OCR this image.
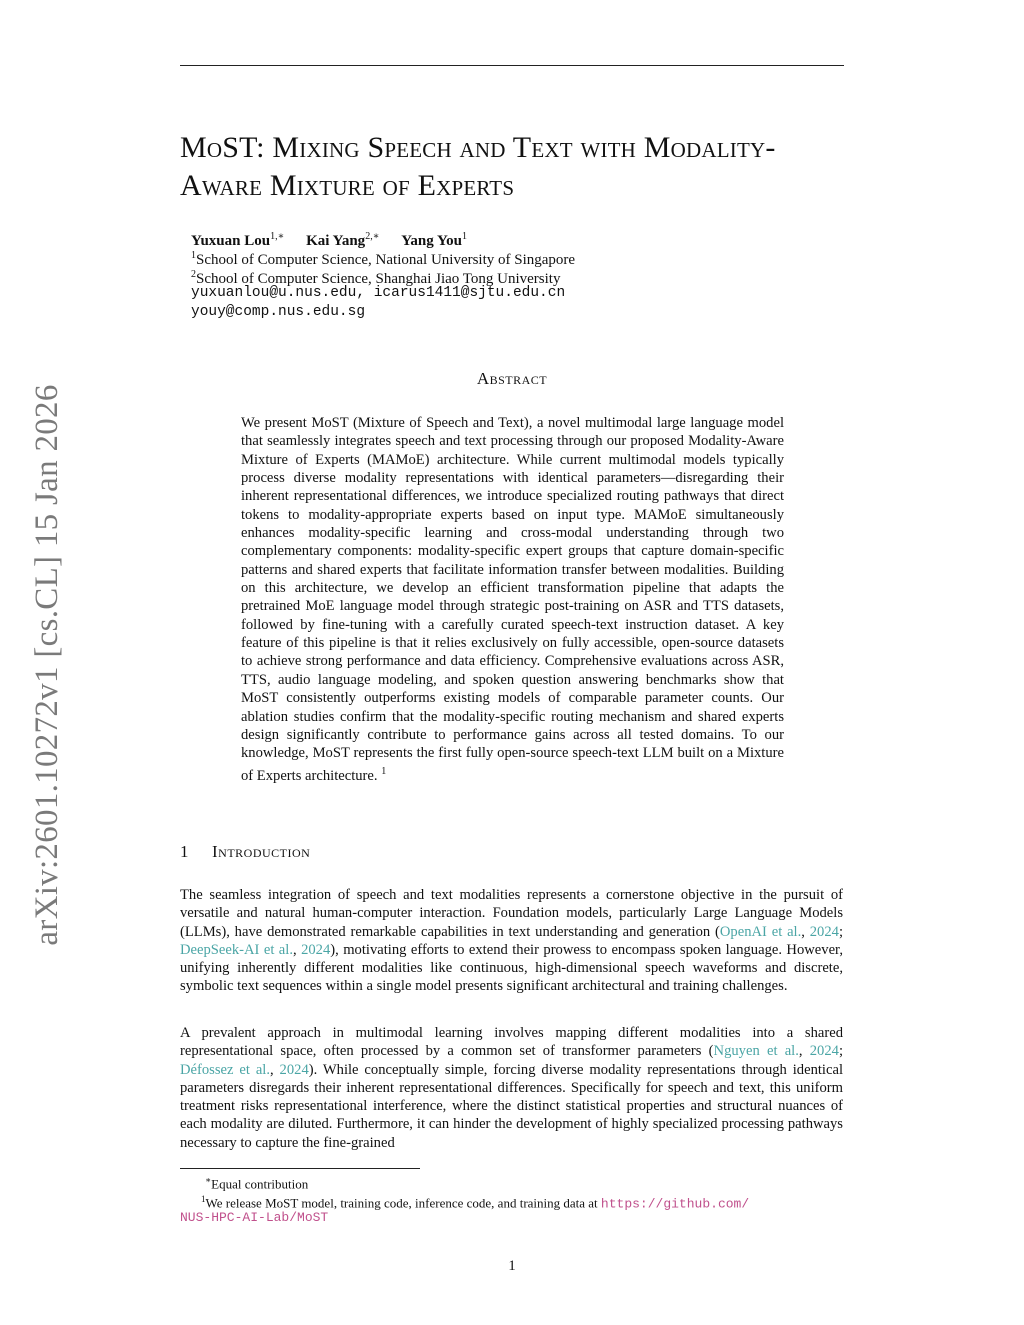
arXiv:2601.10272v1 [cs.CL] 15 Jan 2026
MoST: Mixing Speech and Text with Modality-
Aware Mixture of Experts
Yuxuan Lou$^{1,∗}$ Kai Yang$^{2,∗}$ Yang You$^1$
$^1$School of Computer Science, National University of Singapore
$^2$School of Computer Science, Shanghai Jiao Tong University
yuxuanlou@u.nus.edu, icarus1411@sjtu.edu.cn
youy@comp.nus.edu.sg
Abstract
We present MoST (Mixture of Speech and Text), a novel multimodal large language model that seamlessly integrates speech and text processing through our proposed Modality-Aware Mixture of Experts (MAMoE) architecture. While current multimodal models typically process diverse modality representations with identical parameters—disregarding their inherent representational differences, we introduce specialized routing pathways that direct tokens to modality-appropriate experts based on input type. MAMoE simultaneously enhances modality-specific learning and cross-modal understanding through two complementary components: modality-specific expert groups that capture domain-specific patterns and shared experts that facilitate information transfer between modalities. Building on this architecture, we develop an efficient transformation pipeline that adapts the pretrained MoE language model through strategic post-training on ASR and TTS datasets, followed by fine-tuning with a carefully curated speech-text instruction dataset. A key feature of this pipeline is that it relies exclusively on fully accessible, open-source datasets to achieve strong performance and data efficiency. Comprehensive evaluations across ASR, TTS, audio language modeling, and spoken question answering benchmarks show that MoST consistently outperforms existing models of comparable parameter counts. Our ablation studies confirm that the modality-specific routing mechanism and shared experts design significantly contribute to performance gains across all tested domains. To our knowledge, MoST represents the first fully open-source speech-text LLM built on a Mixture of Experts architecture. $^1$
1 Introduction
The seamless integration of speech and text modalities represents a cornerstone objective in the pursuit of versatile and natural human-computer interaction. Foundation models, particularly Large Language Models (LLMs), have demonstrated remarkable capabilities in text understanding and generation (OpenAI et al., 2024; DeepSeek-AI et al., 2024), motivating efforts to extend their prowess to encompass spoken language. However, unifying inherently different modalities like continuous, high-dimensional speech waveforms and discrete, symbolic text sequences within a single model presents significant architectural and training challenges.
A prevalent approach in multimodal learning involves mapping different modalities into a shared representational space, often processed by a common set of transformer parameters (Nguyen et al., 2024; Défossez et al., 2024). While conceptually simple, forcing diverse modality representations through identical parameters disregards their inherent representational differences. Specifically for speech and text, this uniform treatment risks representational interference, where the distinct statistical properties and structural nuances of each modality are diluted. Furthermore, it can hinder the development of highly specialized processing pathways necessary to capture the fine-grained
∗Equal contribution
$^1$We release MoST model, training code, inference code, and training data at https://github.com/
NUS-HPC-AI-Lab/MoST
1
